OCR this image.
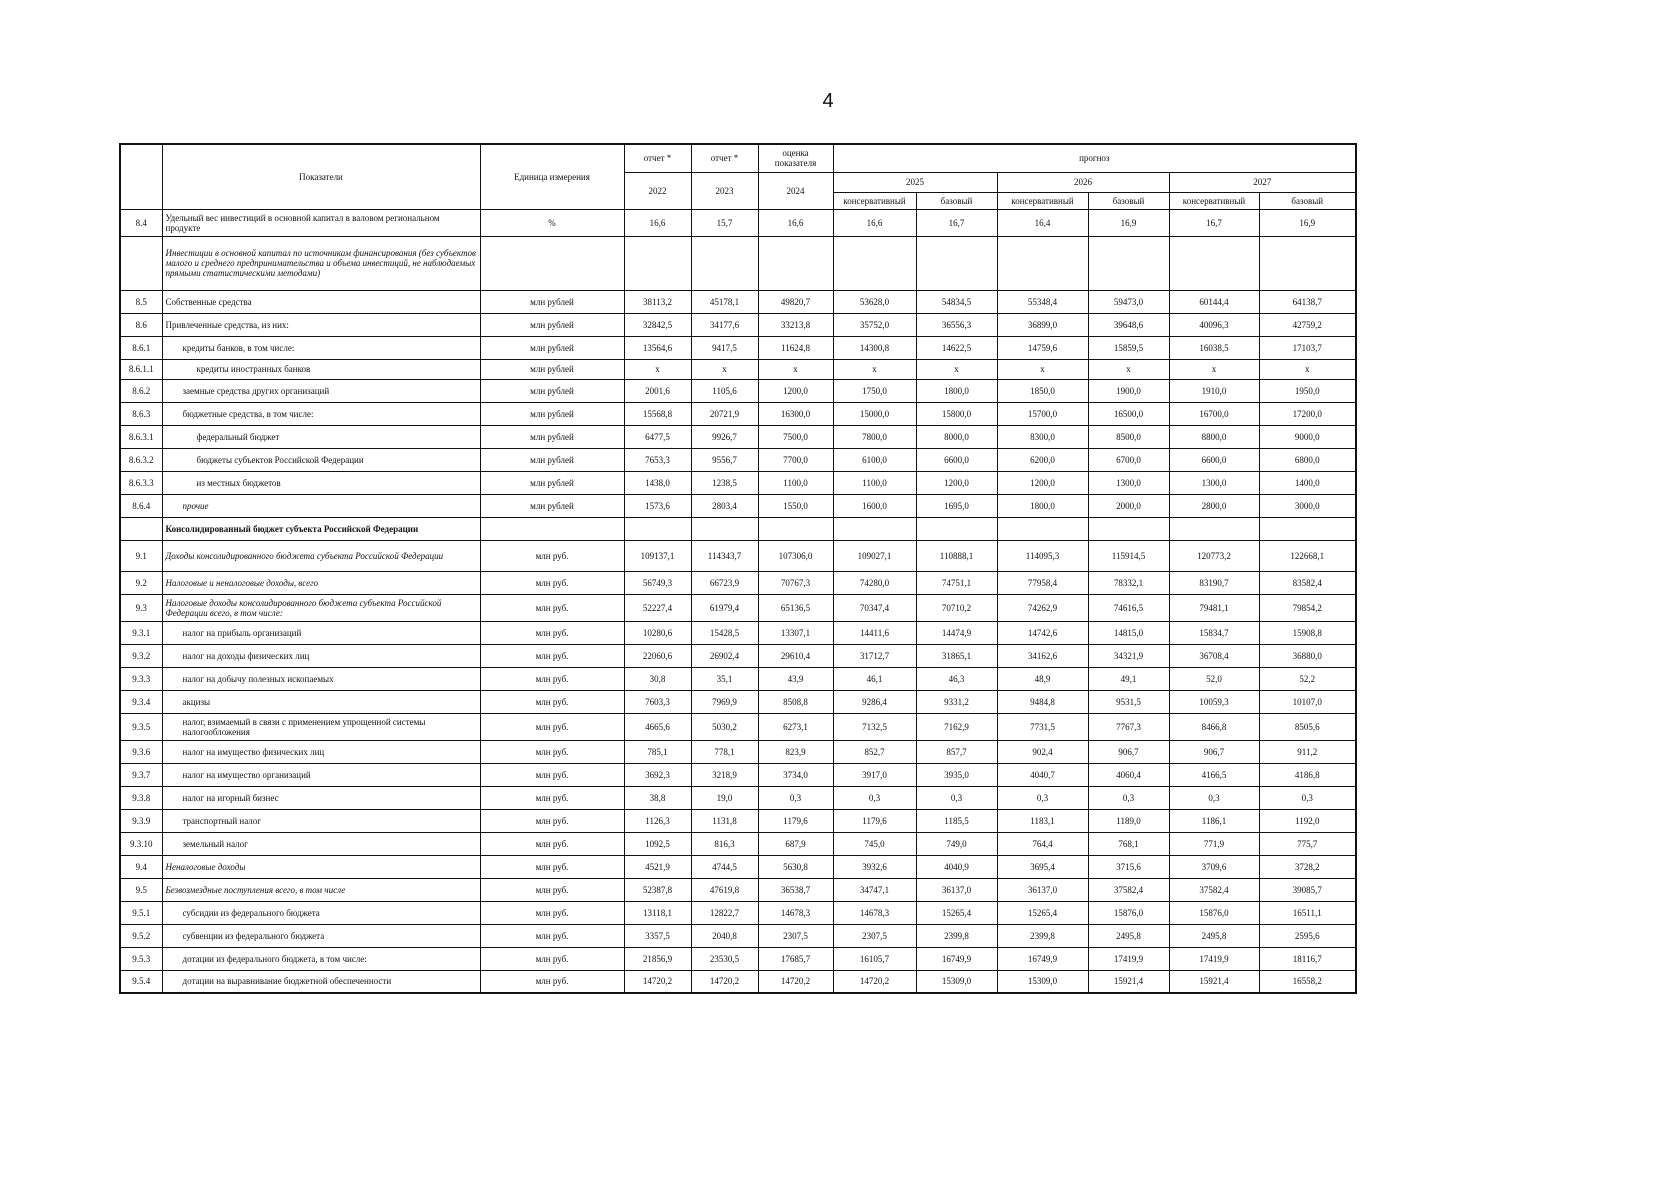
4
	Показатели	Единица измерения	отчет *	отчет *	оценка показателя	прогноз					
			2022	2023	2024	2025		2026		2027	
						консервативный	базовый	консервативный	базовый	консервативный	базовый
8.4	Удельный вес инвестиций в основной капитал в валовом региональном продукте	%	16,6	15,7	16,6	16,6	16,7	16,4	16,9	16,7	16,9
	Инвестиции в основной капитал по источникам финансирования (без субъектов малого и среднего предпринимательства и объема инвестиций, не наблюдаемых прямыми статистическими методами)										
8.5	Собственные средства	млн рублей	38113,2	45178,1	49820,7	53628,0	54834,5	55348,4	59473,0	60144,4	64138,7
8.6	Привлеченные средства, из них:	млн рублей	32842,5	34177,6	33213,8	35752,0	36556,3	36899,0	39648,6	40096,3	42759,2
8.6.1	кредиты банков, в том числе:	млн рублей	13564,6	9417,5	11624,8	14300,8	14622,5	14759,6	15859,5	16038,5	17103,7
8.6.1.1	кредиты иностранных банков	млн рублей	x	x	x	x	x	x	x	x	x
8.6.2	заемные средства других организаций	млн рублей	2001,6	1105,6	1200,0	1750,0	1800,0	1850,0	1900,0	1910,0	1950,0
8.6.3	бюджетные средства, в том числе:	млн рублей	15568,8	20721,9	16300,0	15000,0	15800,0	15700,0	16500,0	16700,0	17200,0
8.6.3.1	федеральный бюджет	млн рублей	6477,5	9926,7	7500,0	7800,0	8000,0	8300,0	8500,0	8800,0	9000,0
8.6.3.2	бюджеты субъектов Российской Федерации	млн рублей	7653,3	9556,7	7700,0	6100,0	6600,0	6200,0	6700,0	6600,0	6800,0
8.6.3.3	из местных бюджетов	млн рублей	1438,0	1238,5	1100,0	1100,0	1200,0	1200,0	1300,0	1300,0	1400,0
8.6.4	прочие	млн рублей	1573,6	2803,4	1550,0	1600,0	1695,0	1800,0	2000,0	2800,0	3000,0
	Консолидированный бюджет субъекта Российской Федерации										
9.1	Доходы консолидированного бюджета субъекта Российской Федерации	млн руб.	109137,1	114343,7	107306,0	109027,1	110888,1	114095,3	115914,5	120773,2	122668,1
9.2	Налоговые и неналоговые доходы, всего	млн руб.	56749,3	66723,9	70767,3	74280,0	74751,1	77958,4	78332,1	83190,7	83582,4
9.3	Налоговые доходы консолидированного бюджета субъекта Российской Федерации всего, в том числе:	млн руб.	52227,4	61979,4	65136,5	70347,4	70710,2	74262,9	74616,5	79481,1	79854,2
9.3.1	налог на прибыль организаций	млн руб.	10280,6	15428,5	13307,1	14411,6	14474,9	14742,6	14815,0	15834,7	15908,8
9.3.2	налог на доходы физических лиц	млн руб.	22060,6	26902,4	29610,4	31712,7	31865,1	34162,6	34321,9	36708,4	36880,0
9.3.3	налог на добычу полезных ископаемых	млн руб.	30,8	35,1	43,9	46,1	46,3	48,9	49,1	52,0	52,2
9.3.4	акцизы	млн руб.	7603,3	7969,9	8508,8	9286,4	9331,2	9484,8	9531,5	10059,3	10107,0
9.3.5	налог, взимаемый в связи с применением упрощенной системы налогообложения	млн руб.	4665,6	5030,2	6273,1	7132,5	7162,9	7731,5	7767,3	8466,8	8505,6
9.3.6	налог на имущество физических лиц	млн руб.	785,1	778,1	823,9	852,7	857,7	902,4	906,7	906,7	911,2
9.3.7	налог на имущество организаций	млн руб.	3692,3	3218,9	3734,0	3917,0	3935,0	4040,7	4060,4	4166,5	4186,8
9.3.8	налог на игорный бизнес	млн руб.	38,8	19,0	0,3	0,3	0,3	0,3	0,3	0,3	0,3
9.3.9	транспортный налог	млн руб.	1126,3	1131,8	1179,6	1179,6	1185,5	1183,1	1189,0	1186,1	1192,0
9.3.10	земельный налог	млн руб.	1092,5	816,3	687,9	745,0	749,0	764,4	768,1	771,9	775,7
9.4	Неналоговые доходы	млн руб.	4521,9	4744,5	5630,8	3932,6	4040,9	3695,4	3715,6	3709,6	3728,2
9.5	Безвозмездные поступления всего, в том числе	млн руб.	52387,8	47619,8	36538,7	34747,1	36137,0	36137,0	37582,4	37582,4	39085,7
9.5.1	субсидии из федерального бюджета	млн руб.	13118,1	12822,7	14678,3	14678,3	15265,4	15265,4	15876,0	15876,0	16511,1
9.5.2	субвенции из федерального бюджета	млн руб.	3357,5	2040,8	2307,5	2307,5	2399,8	2399,8	2495,8	2495,8	2595,6
9.5.3	дотации из федерального бюджета, в том числе:	млн руб.	21856,9	23530,5	17685,7	16105,7	16749,9	16749,9	17419,9	17419,9	18116,7
9.5.4	дотации на выравнивание бюджетной обеспеченности	млн руб.	14720,2	14720,2	14720,2	14720,2	15309,0	15309,0	15921,4	15921,4	16558,2
